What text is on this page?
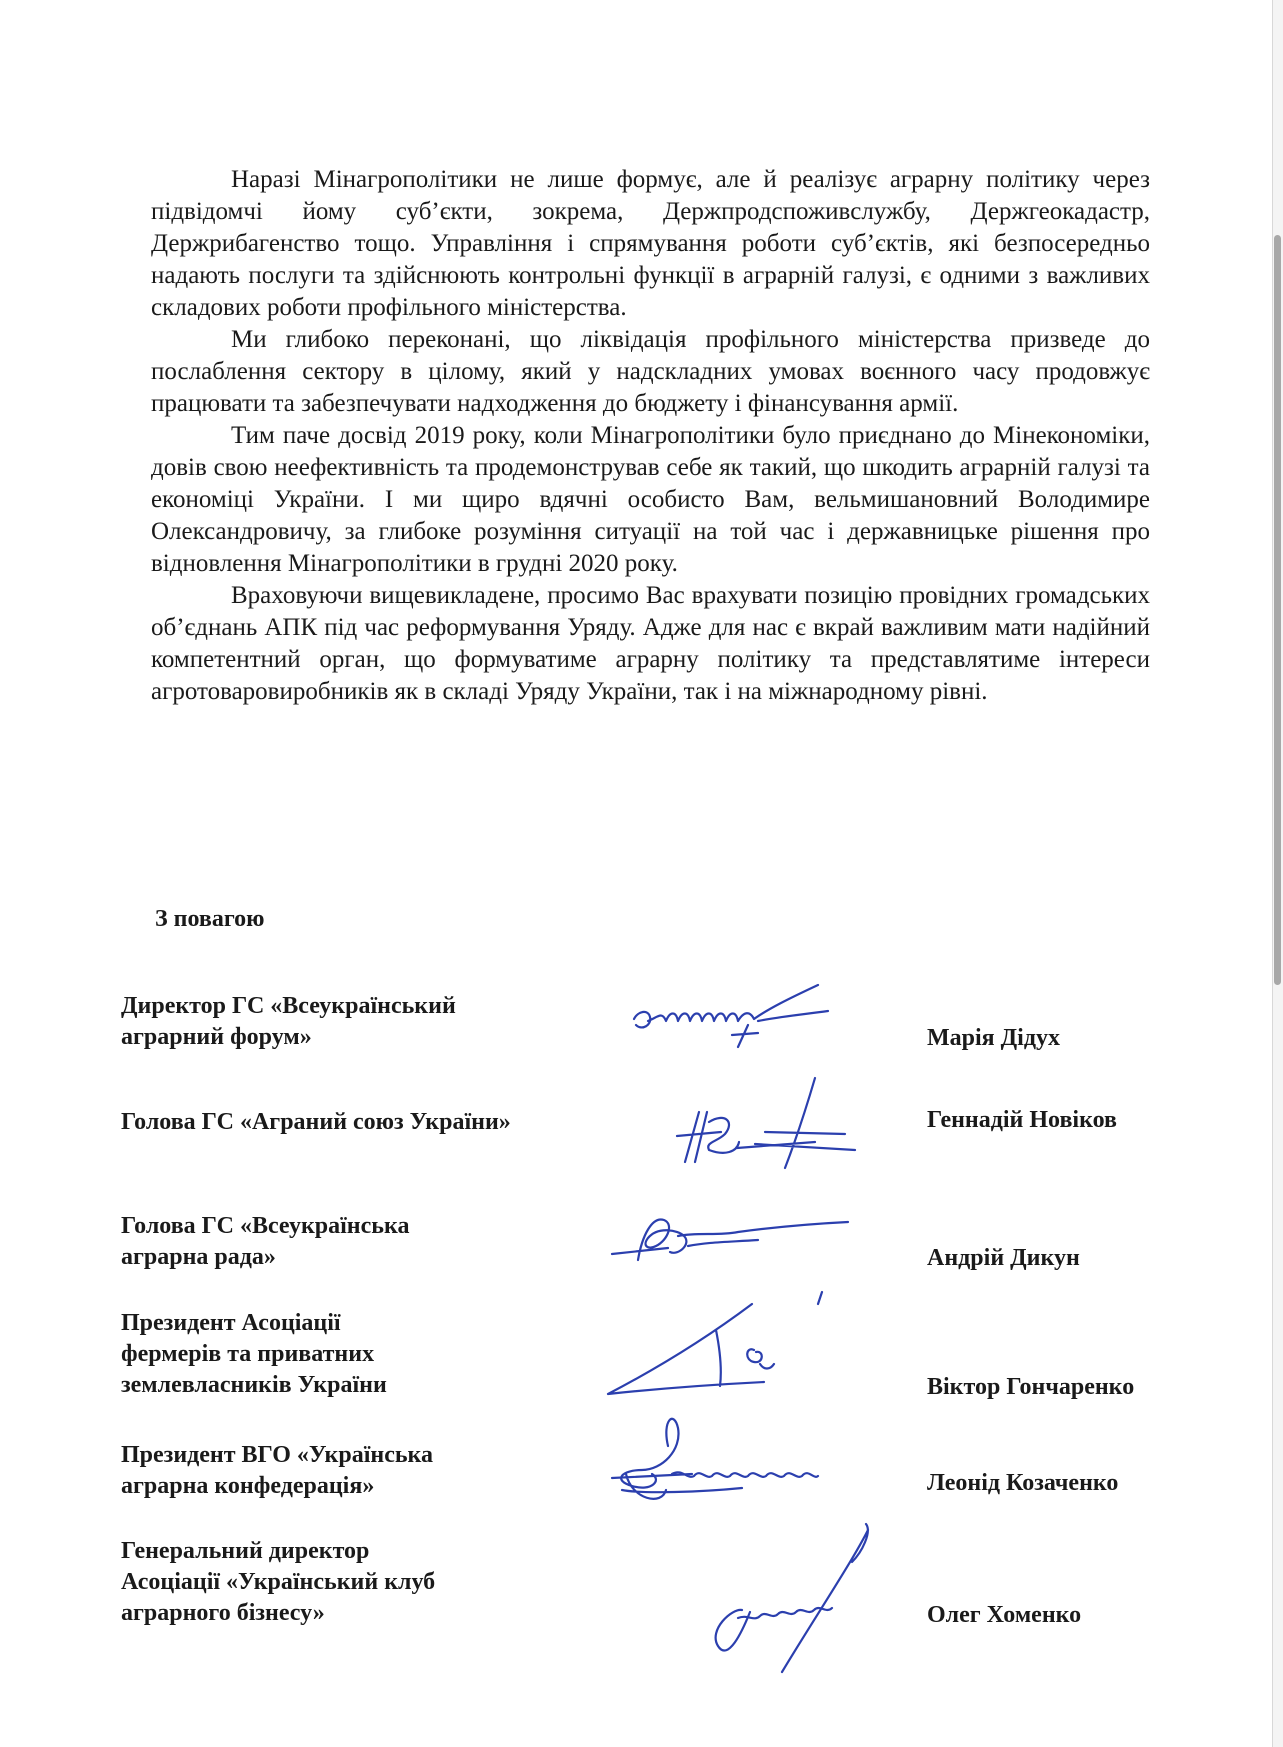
Наразі Мінагрополітики не лише формує, але й реалізує аграрну політику через підвідомчі йому суб’єкти, зокрема, Держпродспоживслужбу, Держгеокадастр, Держрибагенство тощо. Управління і спрямування роботи суб’єктів, які безпосередньо надають послуги та здійснюють контрольні функції в аграрній галузі, є одними з важливих складових роботи профільного міністерства.

Ми глибоко переконані, що ліквідація профільного міністерства призведе до послаблення сектору в цілому, який у надскладних умовах воєнного часу продовжує працювати та забезпечувати надходження до бюджету і фінансування армії.

Тим паче досвід 2019 року, коли Мінагрополітики було приєднано до Мінекономіки, довів свою неефективність та продемонстрував себе як такий, що шкодить аграрній галузі та економіці України. І ми щиро вдячні особисто Вам, вельмишановний Володимире Олександровичу, за глибоке розуміння ситуації на той час і державницьке рішення про відновлення Мінагрополітики в грудні 2020 року.

Враховуючи вищевикладене, просимо Вас врахувати позицію провідних громадських об’єднань АПК під час реформування Уряду. Адже для нас є вкрай важливим мати надійний компетентний орган, що формуватиме аграрну політику та представлятиме інтереси агротоваровиробників як в складі Уряду України, так і на міжнародному рівні.

З повагою
Директор ГС «Всеукраїнський
аграрний форум»	Марія Дідух
Голова ГС «Аграний союз України»	Геннадій Новіков
Голова ГС «Всеукраїнська
аграрна рада»	Андрій Дикун
Президент Асоціації
фермерів та приватних
землевласників України	Віктор Гончаренко
Президент ВГО «Українська
аграрна конфедерація»	Леонід Козаченко
Генеральний директор
Асоціації «Український клуб
аграрного бізнесу»	Олег Хоменко
